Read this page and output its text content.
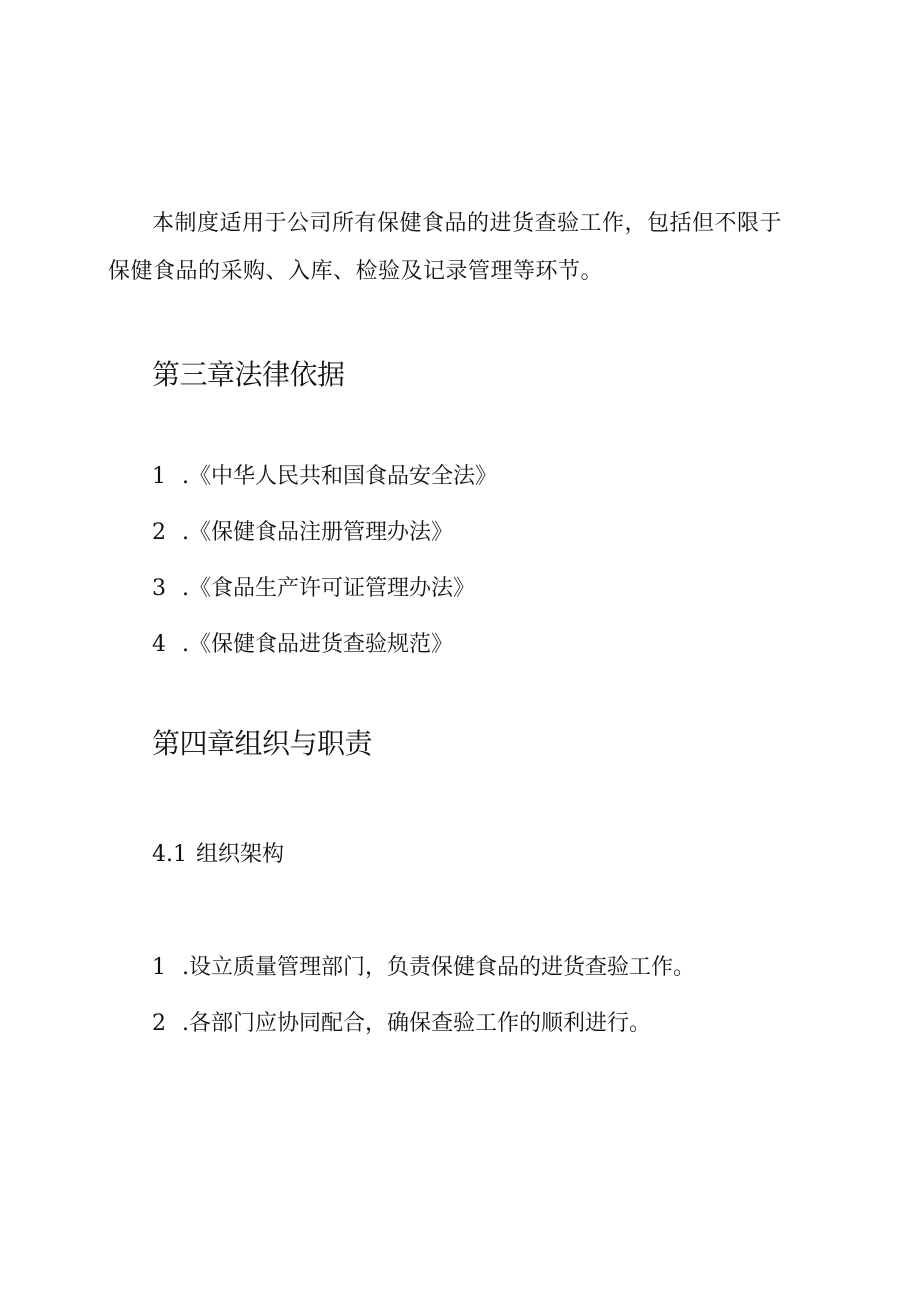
本制度适用于公司所有保健食品的进货查验工作，包括但不限于
保健食品的采购、入库、检验及记录管理等环节。
第三章法律依据
1 .《中华人民共和国食品安全法》
2 .《保健食品注册管理办法》
3 .《食品生产许可证管理办法》
4 .《保健食品进货查验规范》
第四章组织与职责
4.1 组织架构
1 .设立质量管理部门，负责保健食品的进货查验工作。
2 .各部门应协同配合，确保查验工作的顺利进行。
